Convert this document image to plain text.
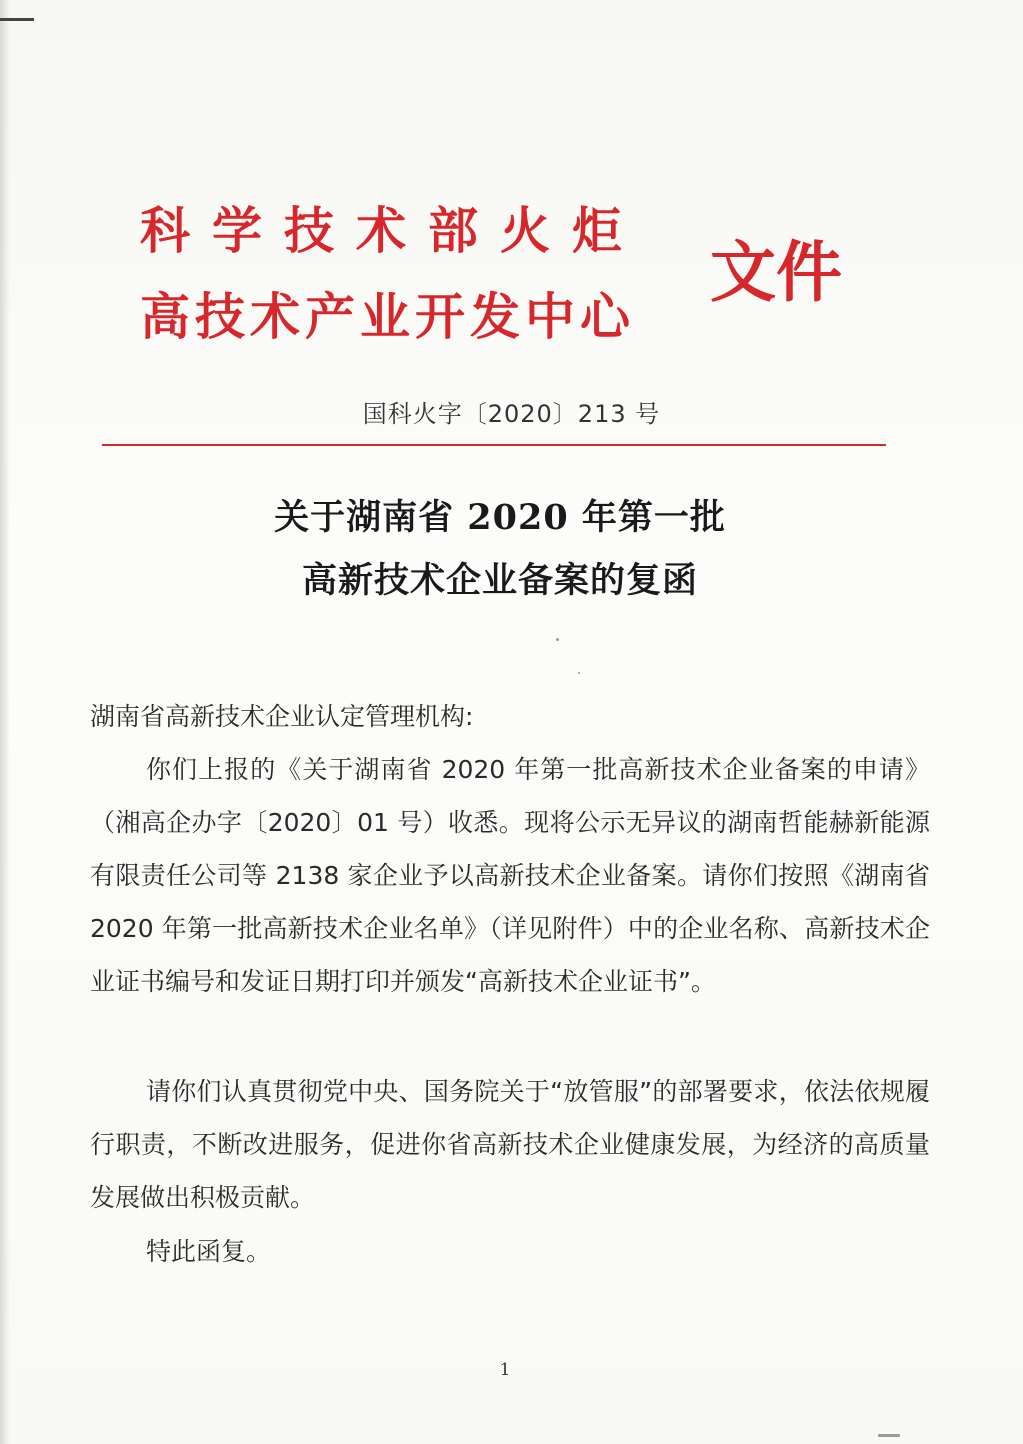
科学技术部火炬
高技术产业开发中心
文件
国科火字〔2020〕213 号
关于湖南省 2020 年第一批
高新技术企业备案的复函
湖南省高新技术企业认定管理机构:
你们上报的《关于湖南省 2020 年第一批高新技术企业备案的申请》（湘高企办字〔2020〕01 号）收悉。现将公示无异议的湖南哲能赫新能源有限责任公司等 2138 家企业予以高新技术企业备案。请你们按照《湖南省 2020 年第一批高新技术企业名单》（详见附件）中的企业名称、高新技术企业证书编号和发证日期打印并颁发“高新技术企业证书”。
请你们认真贯彻党中央、国务院关于“放管服”的部署要求，依法依规履行职责，不断改进服务，促进你省高新技术企业健康发展，为经济的高质量发展做出积极贡献。
特此函复。
1
